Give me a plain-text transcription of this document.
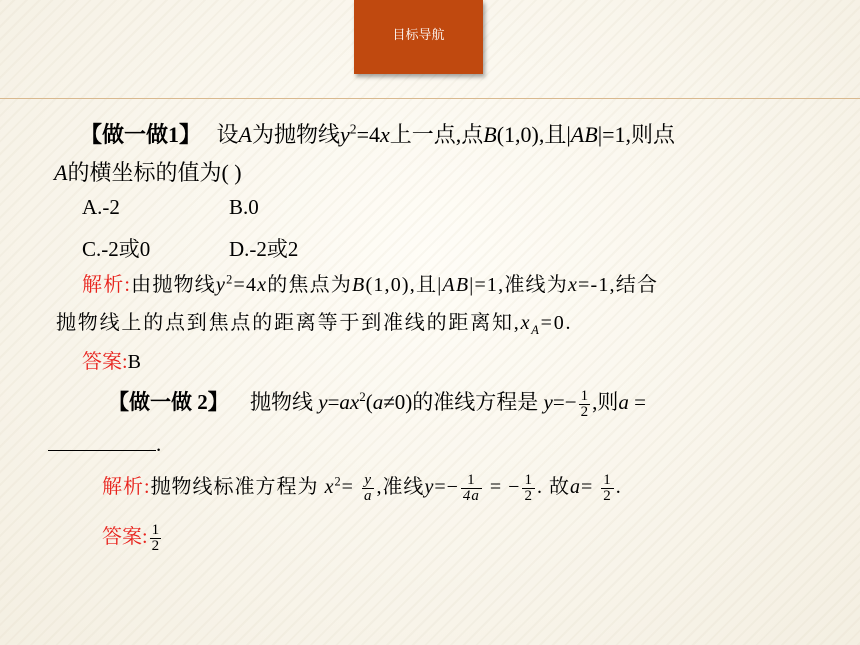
目标导航
【做一做1】 设A为抛物线$y^2=4x$上一点,点B(1,0),且|AB|=1,则点
A的横坐标的值为( )
A.-2	B.0
C.-2或0	D.-2或2
解析:由抛物线$y^2=4x$的焦点为B(1,0),且|AB|=1,准线为x=-1,结合
抛物线上的点到焦点的距离等于到准线的距离知$,x_A=0$.
答案:B
【做一做 2】 抛物线 $y=ax^2(a\ne 0)$的准线方程是 $y=- \frac{1}{2}$ ,则a =
.
解析:抛物线标准方程为 $x^2= \frac{y}{a}$ ,准线$y=- \frac{1}{4a}$ = − $\frac{1}{2}$ . 故$a= \frac{1}{2}$ .
答案: $\frac{1}{2}$
